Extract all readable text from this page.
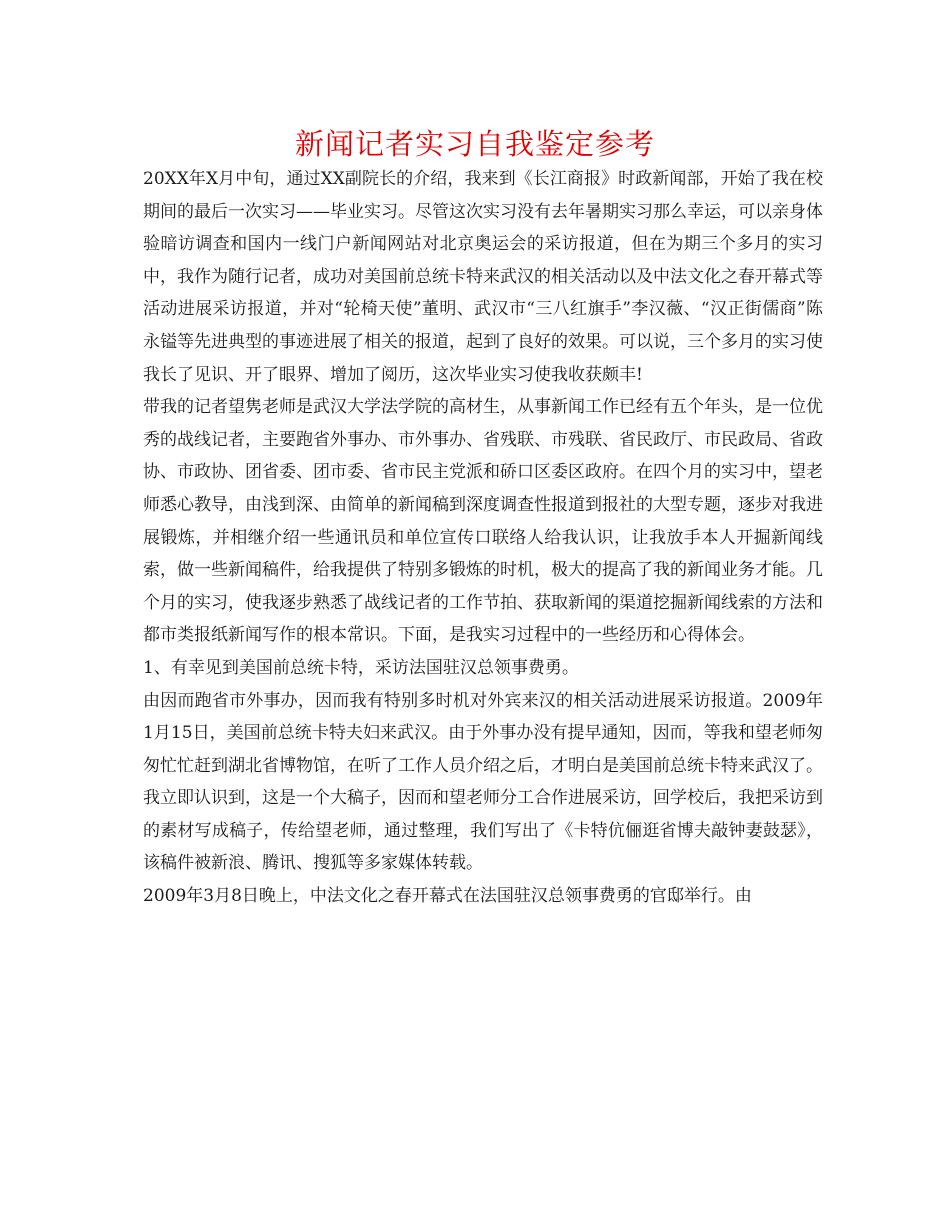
新闻记者实习自我鉴定参考

20XX年X月中旬，通过XX副院长的介绍，我来到《长江商报》时政新闻部，开始了我在校期间的最后一次实习——毕业实习。尽管这次实习没有去年暑期实习那么幸运，可以亲身体验暗访调查和国内一线门户新闻网站对北京奥运会的采访报道，但在为期三个多月的实习中，我作为随行记者，成功对美国前总统卡特来武汉的相关活动以及中法文化之春开幕式等活动进展采访报道，并对“轮椅天使”董明、武汉市“三八红旗手”李汉薇、“汉正街儒商”陈永镒等先进典型的事迹进展了相关的报道，起到了良好的效果。可以说，三个多月的实习使我长了见识、开了眼界、增加了阅历，这次毕业实习使我收获颇丰!

带我的记者望隽老师是武汉大学法学院的高材生，从事新闻工作已经有五个年头，是一位优秀的战线记者，主要跑省外事办、市外事办、省残联、市残联、省民政厅、市民政局、省政协、市政协、团省委、团市委、省市民主党派和硚口区委区政府。在四个月的实习中，望老师悉心教导，由浅到深、由简单的新闻稿到深度调查性报道到报社的大型专题，逐步对我进展锻炼，并相继介绍一些通讯员和单位宣传口联络人给我认识，让我放手本人开掘新闻线索，做一些新闻稿件，给我提供了特别多锻炼的时机，极大的提高了我的新闻业务才能。几个月的实习，使我逐步熟悉了战线记者的工作节拍、获取新闻的渠道挖掘新闻线索的方法和都市类报纸新闻写作的根本常识。下面，是我实习过程中的一些经历和心得体会。

1、有幸见到美国前总统卡特，采访法国驻汉总领事费勇。

由因而跑省市外事办，因而我有特别多时机对外宾来汉的相关活动进展采访报道。2009年1月15日，美国前总统卡特夫妇来武汉。由于外事办没有提早通知，因而，等我和望老师匆匆忙忙赶到湖北省博物馆，在听了工作人员介绍之后，才明白是美国前总统卡特来武汉了。我立即认识到，这是一个大稿子，因而和望老师分工合作进展采访，回学校后，我把采访到的素材写成稿子，传给望老师，通过整理，我们写出了《卡特伉俪逛省博夫敲钟妻鼓瑟》，该稿件被新浪、腾讯、搜狐等多家媒体转载。

2009年3月8日晚上，中法文化之春开幕式在法国驻汉总领事费勇的官邸举行。由
